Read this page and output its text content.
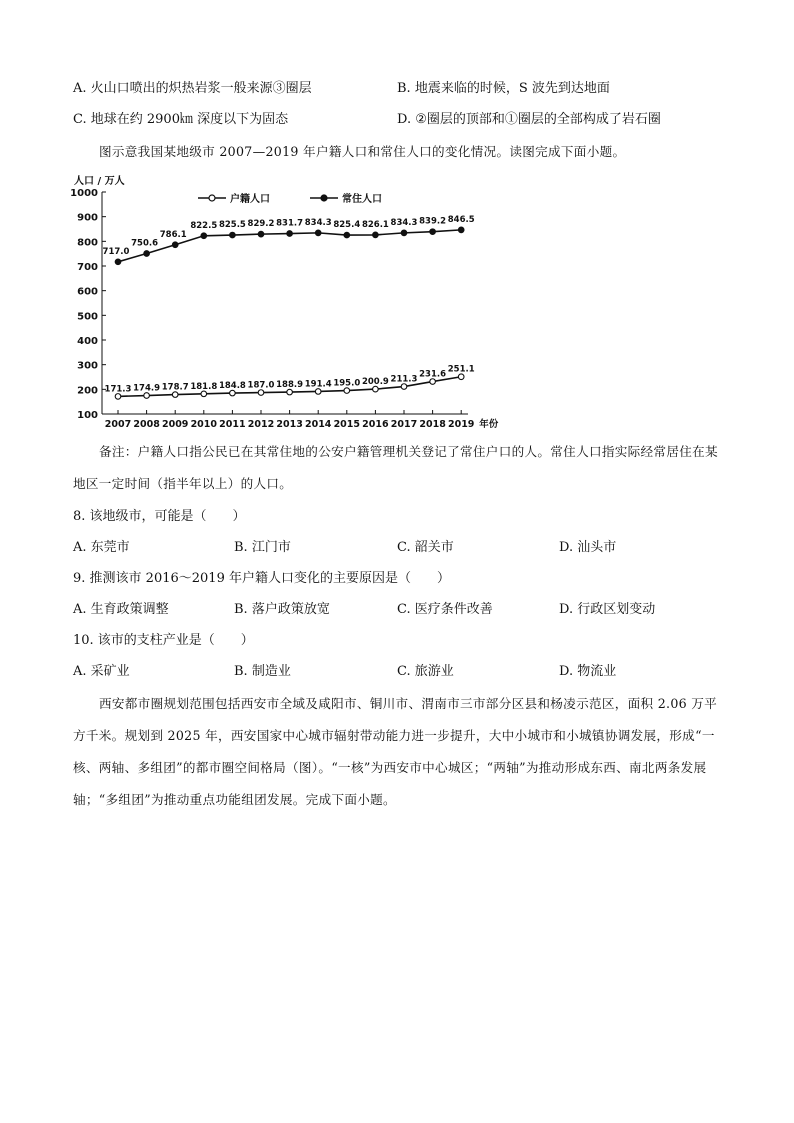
A. 火山口喷出的炽热岩浆一般来源③圈层	B. 地震来临的时候，S 波先到达地面
C. 地球在约 2900㎞ 深度以下为固态	D. ②圈层的顶部和①圈层的全部构成了岩石圈
图示意我国某地级市 2007—2019 年户籍人口和常住人口的变化情况。读图完成下面小题。
人口 / 万人
100
200
300
400
500
600
700
800
900
1000
2007 2008 2009 2010 2011 2012 2013 2014 2015 2016 2017 2018 2019 年份
户籍人口	常住人口
171.3 174.9 178.7 181.8 184.8 187.0 188.9 191.4 195.0 200.9 211.3
231.6 251.1
717.0
750.6
786.1
822.5 825.5 829.2 831.7 834.3 825.4 826.1 834.3 839.2 846.5
备注：户籍人口指公民已在其常住地的公安户籍管理机关登记了常住户口的人。常住人口指实际经常居住在某地区一定时间（指半年以上）的人口。
8. 该地级市，可能是（　　）
A. 东莞市	B. 江门市	C. 韶关市	D. 汕头市
9. 推测该市 2016～2019 年户籍人口变化的主要原因是（　　）
A. 生育政策调整	B. 落户政策放宽	C. 医疗条件改善	D. 行政区划变动
10. 该市的支柱产业是（　　）
A. 采矿业	B. 制造业	C. 旅游业	D. 物流业
西安都市圈规划范围包括西安市全域及咸阳市、铜川市、渭南市三市部分区县和杨凌示范区，面积 2.06 万平方千米。规划到 2025 年，西安国家中心城市辐射带动能力进一步提升，大中小城市和小城镇协调发展，形成“一核、两轴、多组团”的都市圈空间格局（图）。“一核”为西安市中心城区；“两轴”为推动形成东西、南北两条发展轴；“多组团”为推动重点功能组团发展。完成下面小题。
